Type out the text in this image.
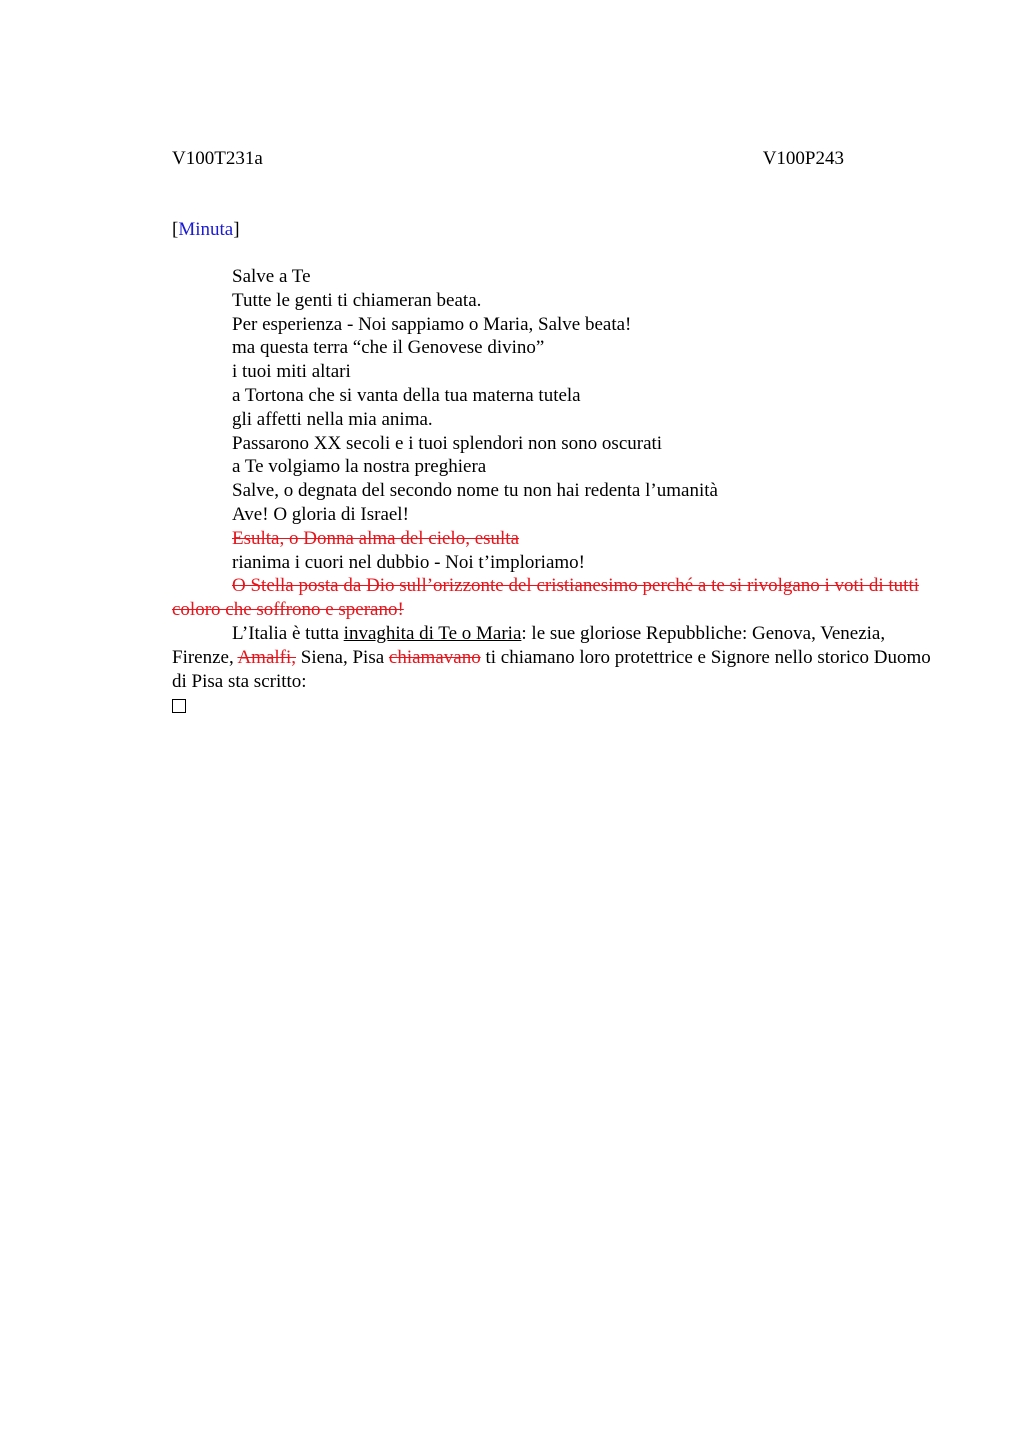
V100T231a	V100P243
[Minuta]
Salve a Te
Tutte le genti ti chiameran beata.
Per esperienza - Noi sappiamo o Maria, Salve beata!
ma questa terra “che il Genovese divino”
i tuoi miti altari
a Tortona che si vanta della tua materna tutela
gli affetti nella mia anima.
Passarono XX secoli e i tuoi splendori non sono oscurati
a Te volgiamo la nostra preghiera
Salve, o degnata del secondo nome tu non hai redenta l’umanità
Ave! O gloria di Israel!
Esulta, o Donna alma del cielo, esulta
rianima i cuori nel dubbio - Noi t’imploriamo!
O Stella posta da Dio sull’orizzonte del cristianesimo perché a te si rivolgano i voti di tutti coloro che soffrono e sperano!
L’Italia è tutta invaghita di Te o Maria: le sue gloriose Repubbliche: Genova, Venezia, Firenze, Amalfi, Siena, Pisa chiamavano ti chiamano loro protettrice e Signore nello storico Duomo di Pisa sta scritto:
